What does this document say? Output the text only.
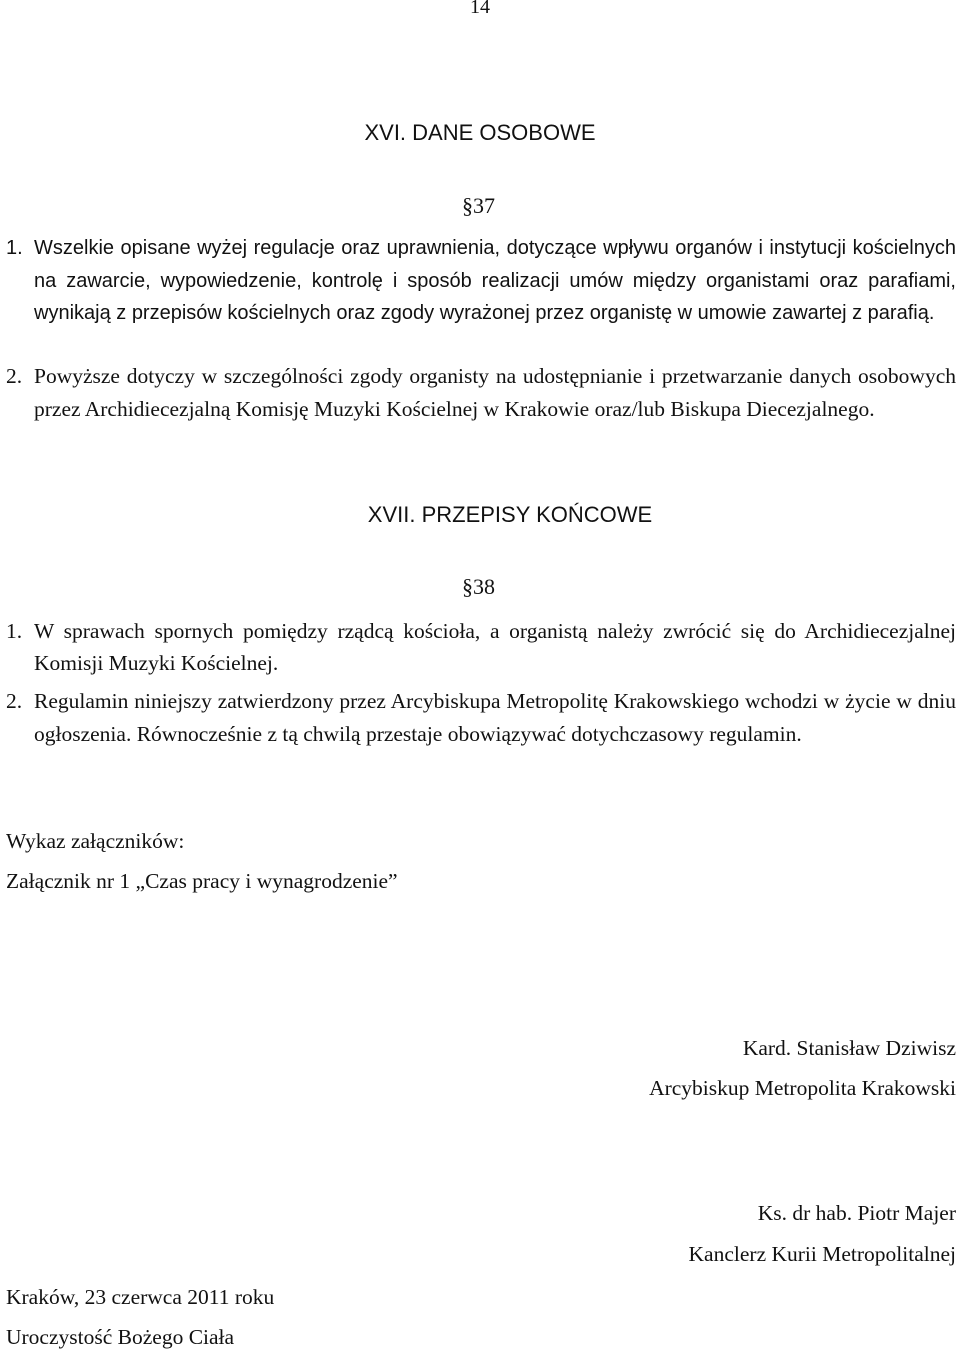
14
XVI. DANE OSOBOWE
§37
1. Wszelkie opisane wyżej regulacje oraz uprawnienia, dotyczące wpływu organów i instytucji kościelnych na zawarcie, wypowiedzenie, kontrolę i sposób realizacji umów między organistami oraz parafiami, wynikają z przepisów kościelnych oraz zgody wyrażonej przez organistę w umowie zawartej z parafią.
2. Powyższe dotyczy w szczególności zgody organisty na udostępnianie i przetwarzanie danych osobowych przez Archidiecezjalną Komisję Muzyki Kościelnej w Krakowie oraz/lub Biskupa Diecezjalnego.
XVII. PRZEPISY KOŃCOWE
§38
1. W sprawach spornych pomiędzy rządcą kościoła, a organistą należy zwrócić się do Archidiecezjalnej Komisji Muzyki Kościelnej.
2. Regulamin niniejszy zatwierdzony przez Arcybiskupa Metropolitę Krakowskiego wchodzi w życie w dniu ogłoszenia. Równocześnie z tą chwilą przestaje obowiązywać dotychczasowy regulamin.
Wykaz załączników:
Załącznik nr 1 „Czas pracy i wynagrodzenie”
Kard. Stanisław Dziwisz
Arcybiskup Metropolita Krakowski
Ks. dr hab. Piotr Majer
Kanclerz Kurii Metropolitalnej
Kraków, 23 czerwca 2011 roku
Uroczystość Bożego Ciała
